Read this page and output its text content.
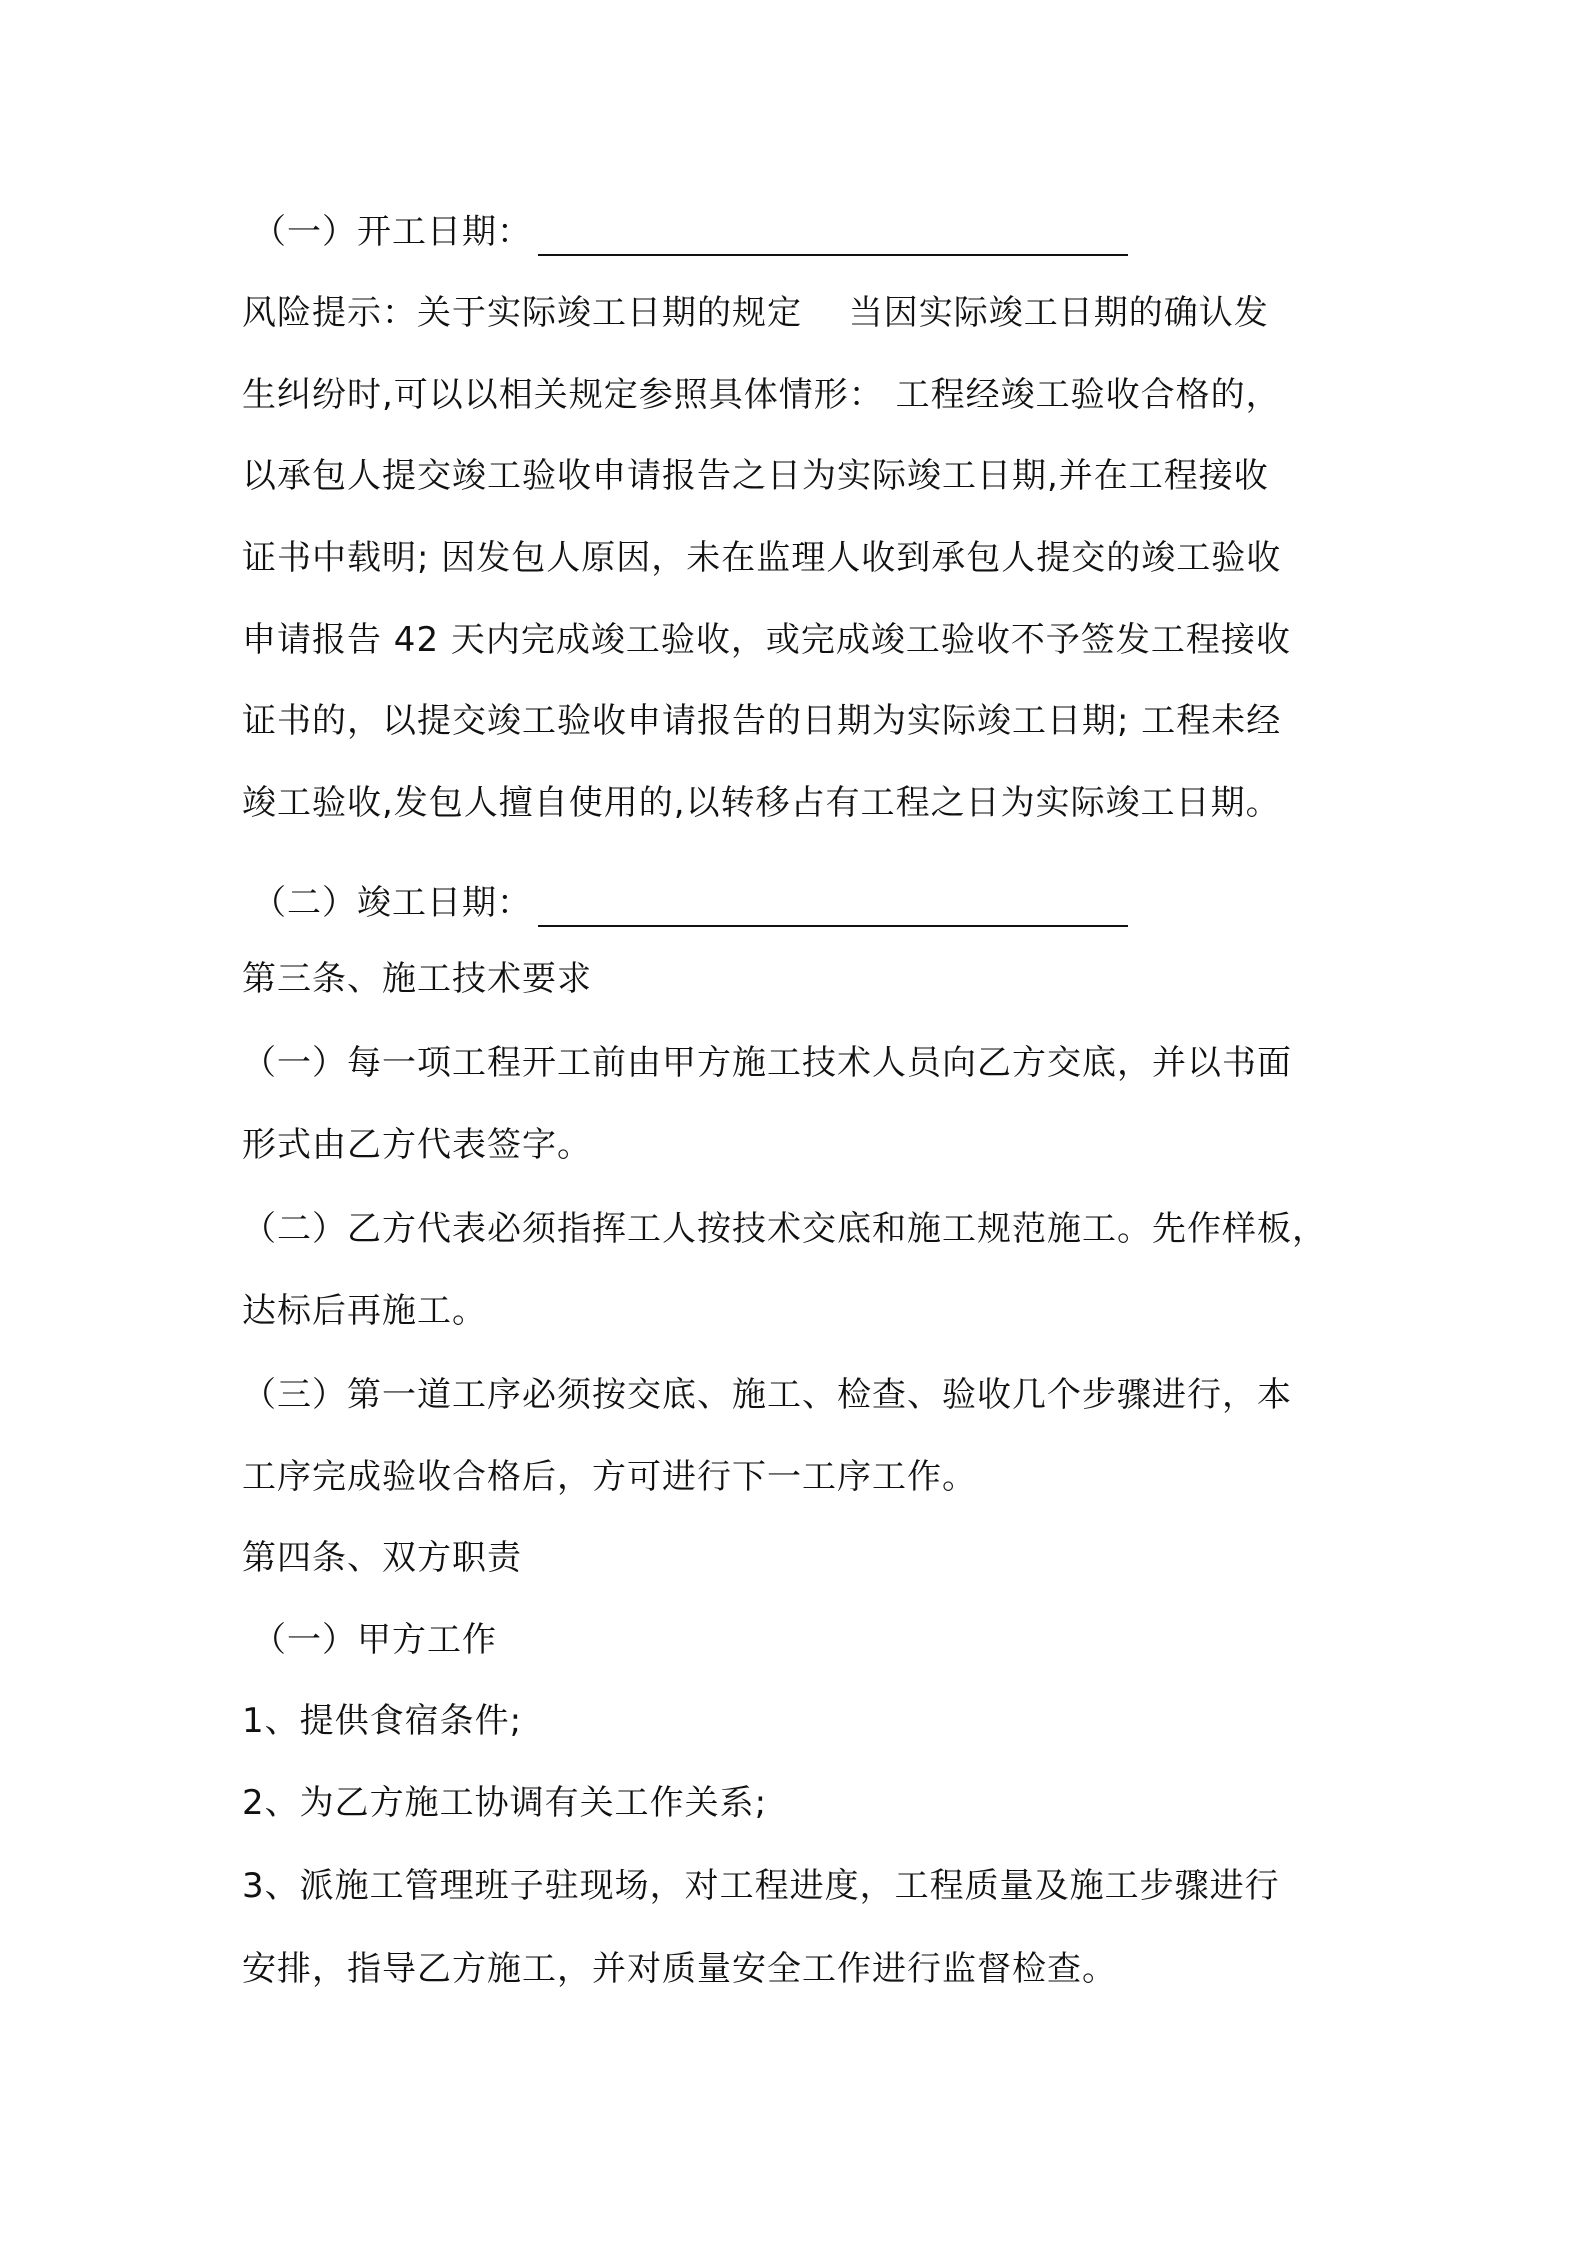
（一）开工日期：
风险提示：关于实际竣工日期的规定　 当因实际竣工日期的确认发
生纠纷时,可以以相关规定参照具体情形： 工程经竣工验收合格的，
以承包人提交竣工验收申请报告之日为实际竣工日期,并在工程接收
证书中载明; 因发包人原因，未在监理人收到承包人提交的竣工验收
申请报告 42 天内完成竣工验收，或完成竣工验收不予签发工程接收
证书的，以提交竣工验收申请报告的日期为实际竣工日期; 工程未经
竣工验收,发包人擅自使用的,以转移占有工程之日为实际竣工日期。
（二）竣工日期：
第三条、施工技术要求
（一）每一项工程开工前由甲方施工技术人员向乙方交底，并以书面
形式由乙方代表签字。
（二）乙方代表必须指挥工人按技术交底和施工规范施工。先作样板，
达标后再施工。
（三）第一道工序必须按交底、施工、检查、验收几个步骤进行，本
工序完成验收合格后，方可进行下一工序工作。
第四条、双方职责
（一）甲方工作
1、提供食宿条件;
2、为乙方施工协调有关工作关系;
3、派施工管理班子驻现场，对工程进度，工程质量及施工步骤进行
安排，指导乙方施工，并对质量安全工作进行监督检查。
